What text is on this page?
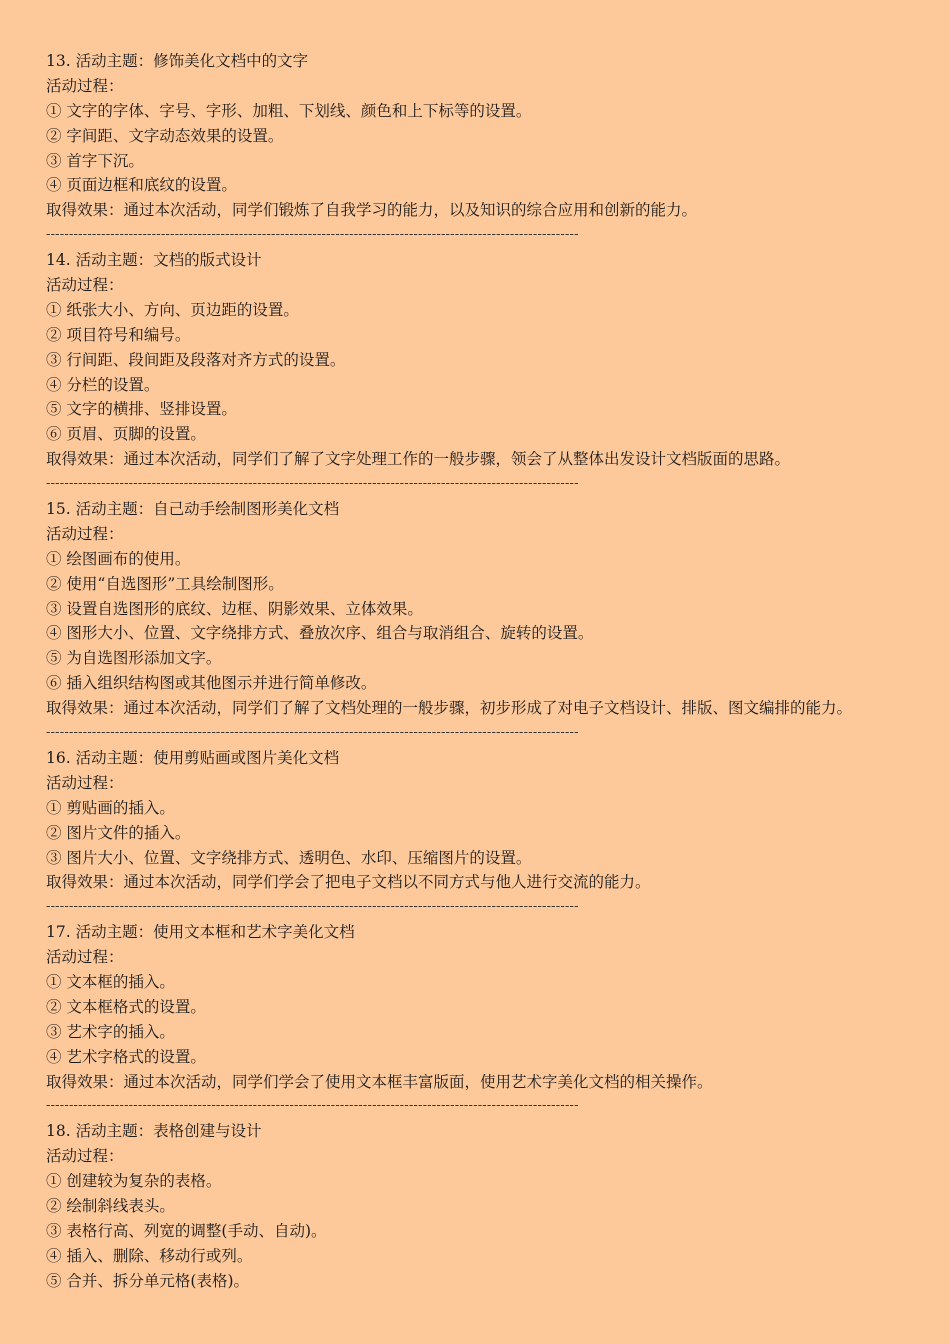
13. 活动主题：修饰美化文档中的文字
活动过程：
① 文字的字体、字号、字形、加粗、下划线、颜色和上下标等的设置。
② 字间距、文字动态效果的设置。
③ 首字下沉。
④ 页面边框和底纹的设置。
取得效果：通过本次活动，同学们锻炼了自我学习的能力，以及知识的综合应用和创新的能力。
--------------------------------------------------------------------------------------------------------------------
14. 活动主题：文档的版式设计
活动过程：
① 纸张大小、方向、页边距的设置。
② 项目符号和编号。
③ 行间距、段间距及段落对齐方式的设置。
④ 分栏的设置。
⑤ 文字的横排、竖排设置。
⑥ 页眉、页脚的设置。
取得效果：通过本次活动，同学们了解了文字处理工作的一般步骤，领会了从整体出发设计文档版面的思路。
--------------------------------------------------------------------------------------------------------------------
15. 活动主题：自己动手绘制图形美化文档
活动过程：
① 绘图画布的使用。
② 使用“自选图形”工具绘制图形。
③ 设置自选图形的底纹、边框、阴影效果、立体效果。
④ 图形大小、位置、文字绕排方式、叠放次序、组合与取消组合、旋转的设置。
⑤ 为自选图形添加文字。
⑥ 插入组织结构图或其他图示并进行简单修改。
取得效果：通过本次活动，同学们了解了文档处理的一般步骤，初步形成了对电子文档设计、排版、图文编排的能力。
--------------------------------------------------------------------------------------------------------------------
16. 活动主题：使用剪贴画或图片美化文档
活动过程：
① 剪贴画的插入。
② 图片文件的插入。
③ 图片大小、位置、文字绕排方式、透明色、水印、压缩图片的设置。
取得效果：通过本次活动，同学们学会了把电子文档以不同方式与他人进行交流的能力。
--------------------------------------------------------------------------------------------------------------------
17. 活动主题：使用文本框和艺术字美化文档
活动过程：
① 文本框的插入。
② 文本框格式的设置。
③ 艺术字的插入。
④ 艺术字格式的设置。
取得效果：通过本次活动，同学们学会了使用文本框丰富版面，使用艺术字美化文档的相关操作。
--------------------------------------------------------------------------------------------------------------------
18. 活动主题：表格创建与设计
活动过程：
① 创建较为复杂的表格。
② 绘制斜线表头。
③ 表格行高、列宽的调整(手动、自动)。
④ 插入、删除、移动行或列。
⑤ 合并、拆分单元格(表格)。
